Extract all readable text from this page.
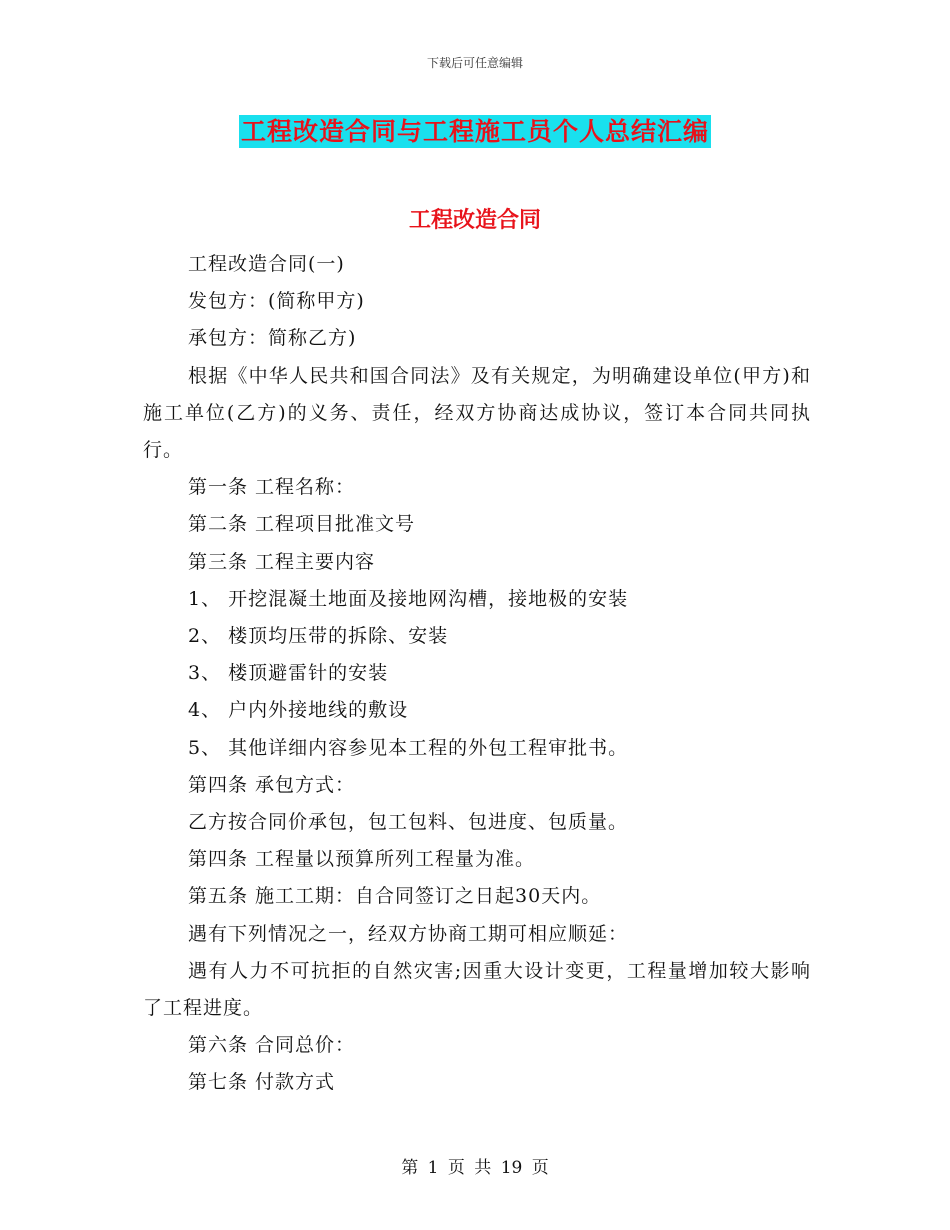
下载后可任意编辑
工程改造合同与工程施工员个人总结汇编
工程改造合同

工程改造合同(一)

发包方：(简称甲方)

承包方：简称乙方)

根据《中华人民共和国合同法》及有关规定，为明确建设单位(甲方)和施工单位(乙方)的义务、责任，经双方协商达成协议，签订本合同共同执行。

第一条 工程名称：

第二条 工程项目批准文号

第三条 工程主要内容

1、 开挖混凝土地面及接地网沟槽，接地极的安装

2、 楼顶均压带的拆除、安装

3、 楼顶避雷针的安装

4、 户内外接地线的敷设

5、 其他详细内容参见本工程的外包工程审批书。

第四条 承包方式：

乙方按合同价承包，包工包料、包进度、包质量。

第四条 工程量以预算所列工程量为准。

第五条 施工工期：自合同签订之日起30天内。

遇有下列情况之一，经双方协商工期可相应顺延：

遇有人力不可抗拒的自然灾害;因重大设计变更，工程量增加较大影响了工程进度。

第六条 合同总价：

第七条 付款方式

第 1 页 共 19 页
